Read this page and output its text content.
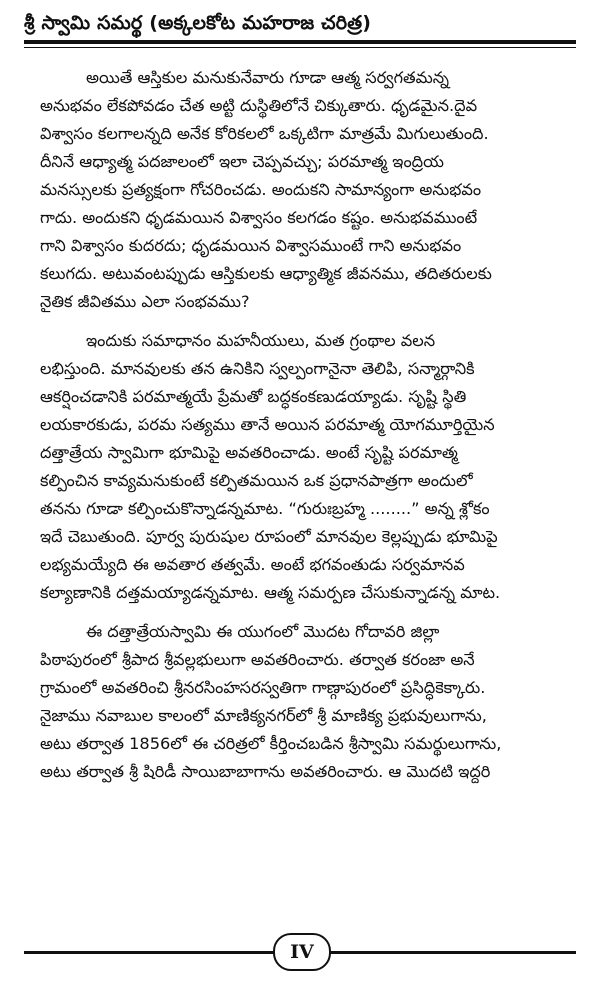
శ్రీ స్వామి సమర్థ (అక్కలకోట మహరాజ చరిత్ర)
అయితే ఆస్తికుల మనుకునేవారు గూడా ఆత్మ సర్వగతమన్న
అనుభవం లేకపోవడం చేత అట్టి దుస్థితిలోనే చిక్కుతారు. ధృడమైన.దైవ
విశ్వాసం కలగాలన్నది అనేక కోరికలలో ఒక్కటిగా మాత్రమే మిగులుతుంది.
దీనినే ఆధ్యాత్మ పదజాలంలో ఇలా చెప్పవచ్చు; పరమాత్మ ఇంద్రియ
మనస్సులకు ప్రత్యక్షంగా గోచరించడు. అందుకని సామాన్యంగా అనుభవం
గాదు. అందుకని ధృడమయిన విశ్వాసం కలగడం కష్టం. అనుభవముంటే
గాని విశ్వాసం కుదరదు; ధృడమయిన విశ్వాసముంటే గాని అనుభవం
కలుగదు. అటువంటప్పుడు ఆస్తికులకు ఆధ్యాత్మిక జీవనము, తదితరులకు
నైతిక జీవితము ఎలా సంభవము?
ఇందుకు సమాధానం మహనీయులు, మత గ్రంథాల వలన
లభిస్తుంది. మానవులకు తన ఉనికిని స్వల్పంగానైనా తెలిపి, సన్మార్గానికి
ఆకర్షించడానికి పరమాత్మయే ప్రేమతో బద్ధకంకణుడయ్యాడు. సృష్టి స్థితి
లయకారకుడు, పరమ సత్యము తానే అయిన పరమాత్మ యోగమూర్తియైన
దత్తాత్రేయ స్వామిగా భూమిపై అవతరించాడు. అంటే సృష్టి పరమాత్మ
కల్పించిన కావ్యమనుకుంటే కల్పితమయిన ఒక ప్రధానపాత్రగా అందులో
తనను గూడా కల్పించుకొన్నాడన్నమాట. “గురుఃబ్రహ్మ ........” అన్న శ్లోకం
ఇదే చెబుతుంది. పూర్వ పురుషుల రూపంలో మానవుల కెల్లప్పుడు భూమిపై
లభ్యమయ్యేది ఈ అవతార తత్వమే. అంటే భగవంతుడు సర్వమానవ
కల్యాణానికి దత్తమయ్యాడన్నమాట. ఆత్మ సమర్పణ చేసుకున్నాడన్న మాట.
ఈ దత్తాత్రేయస్వామి ఈ యుగంలో మొదట గోదావరి జిల్లా
పిఠాపురంలో శ్రీపాద శ్రీవల్లభులుగా అవతరించారు. తర్వాత కరంజా అనే
గ్రామంలో అవతరించి శ్రీనరసింహసరస్వతిగా గాణ్గాపురంలో ప్రసిద్ధికెక్కారు.
నైజాము నవాబుల కాలంలో మాణిక్యనగర్‌లో శ్రీ మాణిక్య ప్రభువులుగాను,
అటు తర్వాత 1856లో ఈ చరిత్రలో కీర్తించబడిన శ్రీస్వామి సమర్థులుగాను,
అటు తర్వాత శ్రీ షిరిడీ సాయిబాబాగాను అవతరించారు. ఆ మొదటి ఇద్దరి
IV
